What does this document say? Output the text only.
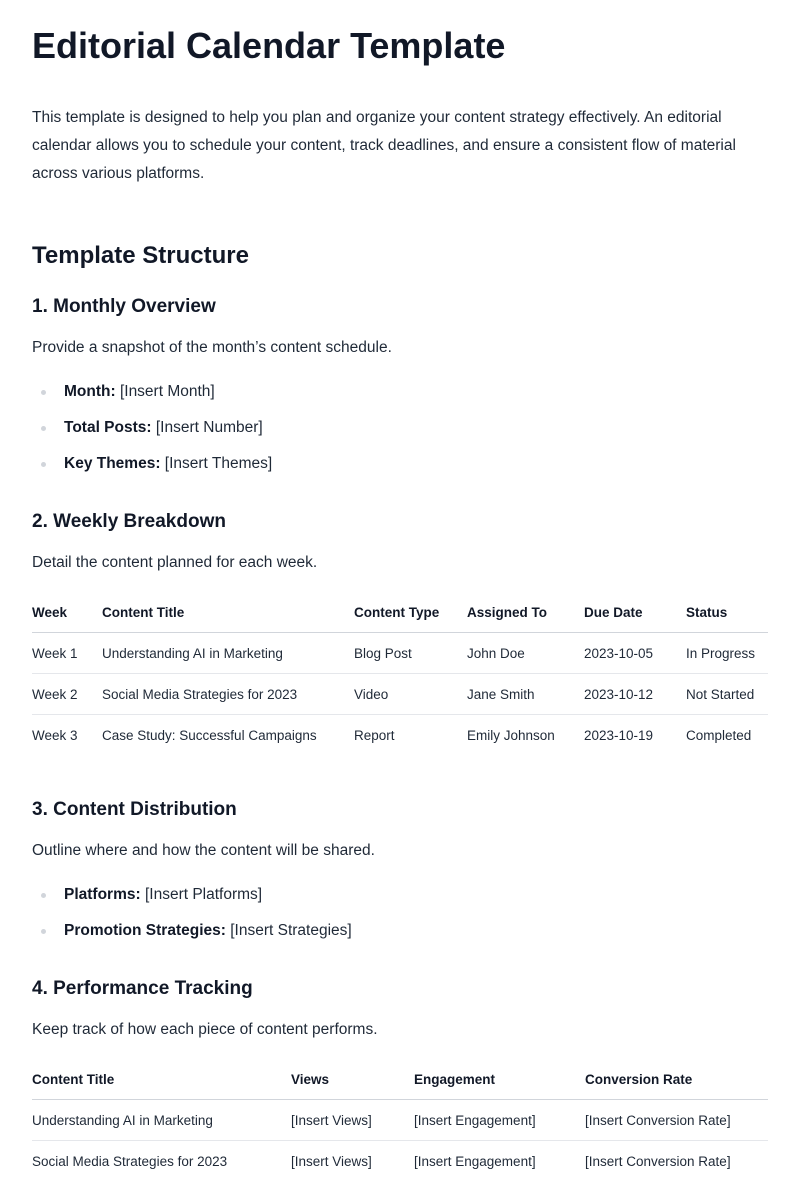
Editorial Calendar Template

This template is designed to help you plan and organize your content strategy effectively. An editorial calendar allows you to schedule your content, track deadlines, and ensure a consistent flow of material across various platforms.

Template Structure
1. Monthly Overview

Provide a snapshot of the month’s content schedule.

Month: [Insert Month]
Total Posts: [Insert Number]
Key Themes: [Insert Themes]
2. Weekly Breakdown

Detail the content planned for each week.

Week	Content Title	Content Type	Assigned To	Due Date	Status
Week 1	Understanding AI in Marketing	Blog Post	John Doe	2023-10-05	In Progress
Week 2	Social Media Strategies for 2023	Video	Jane Smith	2023-10-12	Not Started
Week 3	Case Study: Successful Campaigns	Report	Emily Johnson	2023-10-19	Completed
3. Content Distribution

Outline where and how the content will be shared.

Platforms: [Insert Platforms]
Promotion Strategies: [Insert Strategies]
4. Performance Tracking

Keep track of how each piece of content performs.

Content Title	Views	Engagement	Conversion Rate
Understanding AI in Marketing	[Insert Views]	[Insert Engagement]	[Insert Conversion Rate]
Social Media Strategies for 2023	[Insert Views]	[Insert Engagement]	[Insert Conversion Rate]
